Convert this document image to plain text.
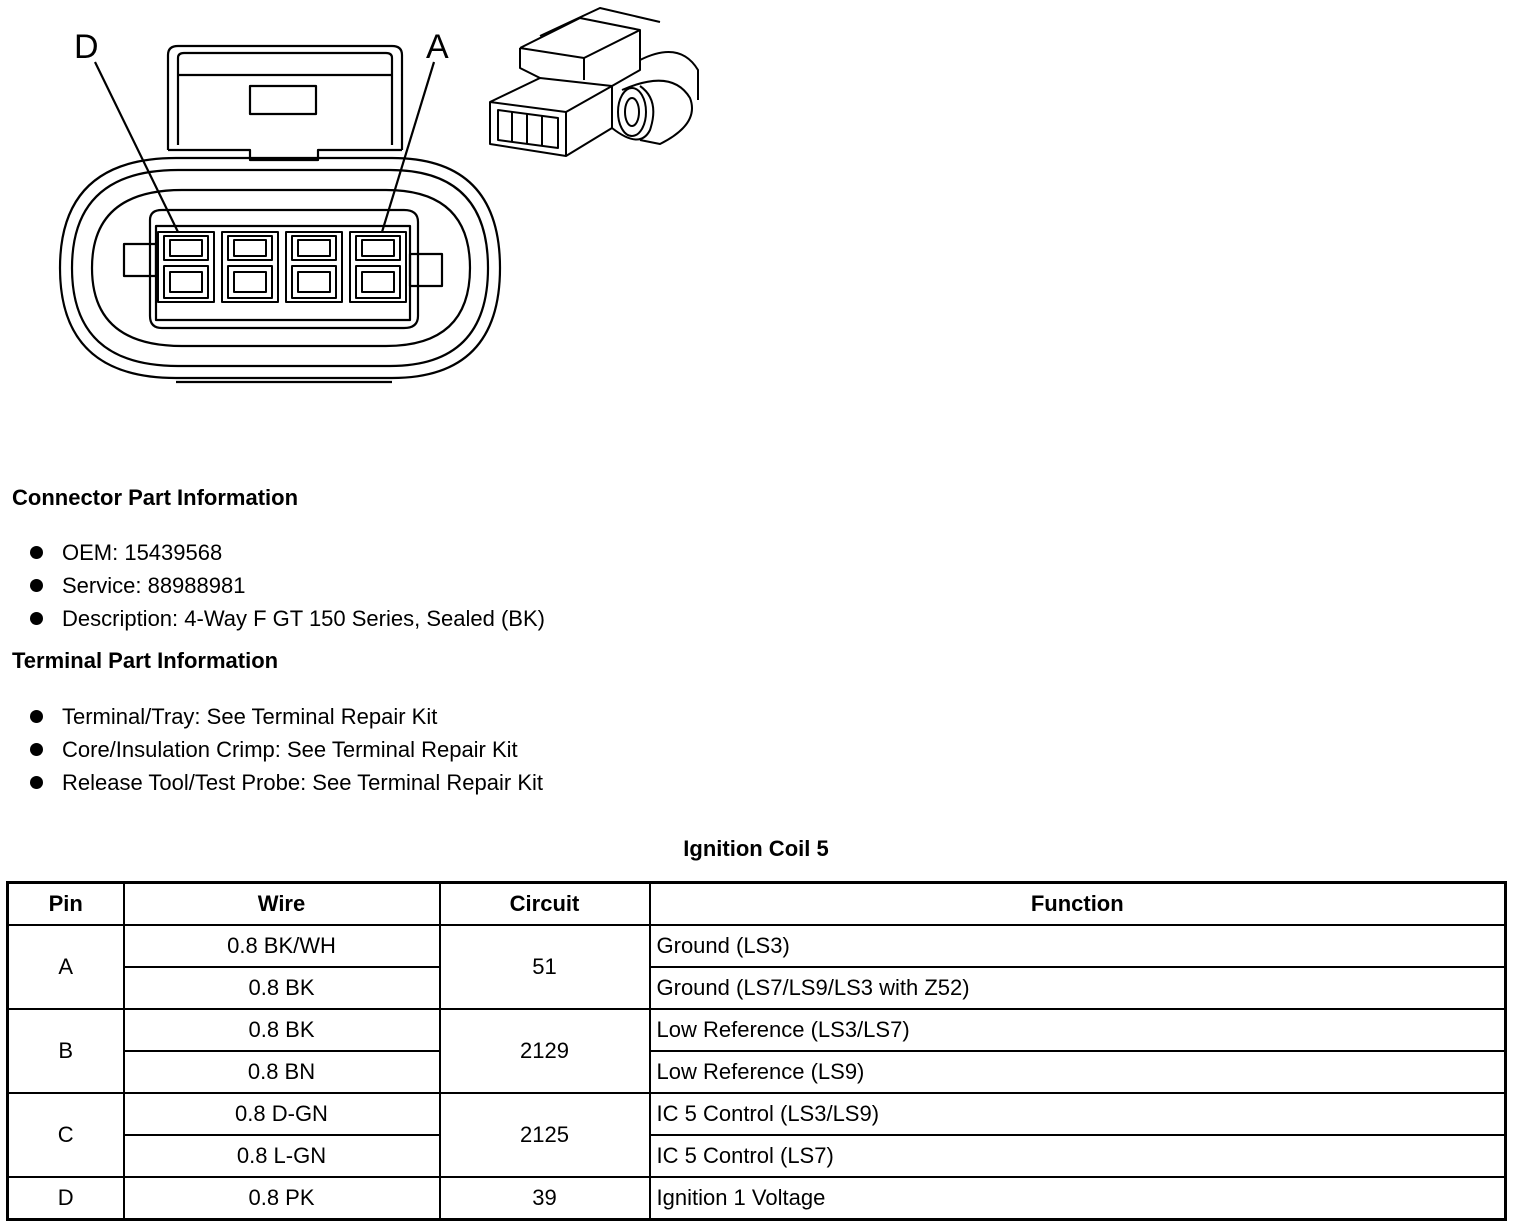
D	A
Connector Part Information
OEM: 15439568
Service: 88988981
Description: 4-Way F GT 150 Series, Sealed (BK)
Terminal Part Information
Terminal/Tray: See Terminal Repair Kit
Core/Insulation Crimp: See Terminal Repair Kit
Release Tool/Test Probe: See Terminal Repair Kit
Ignition Coil 5
Pin	Wire	Circuit	Function
A	0.8 BK/WH	51	Ground (LS3)
	0.8 BK		Ground (LS7/LS9/LS3 with Z52)
B	0.8 BK	2129	Low Reference (LS3/LS7)
	0.8 BN		Low Reference (LS9)
C	0.8 D-GN	2125	IC 5 Control (LS3/LS9)
	0.8 L-GN		IC 5 Control (LS7)
D	0.8 PK	39	Ignition 1 Voltage
